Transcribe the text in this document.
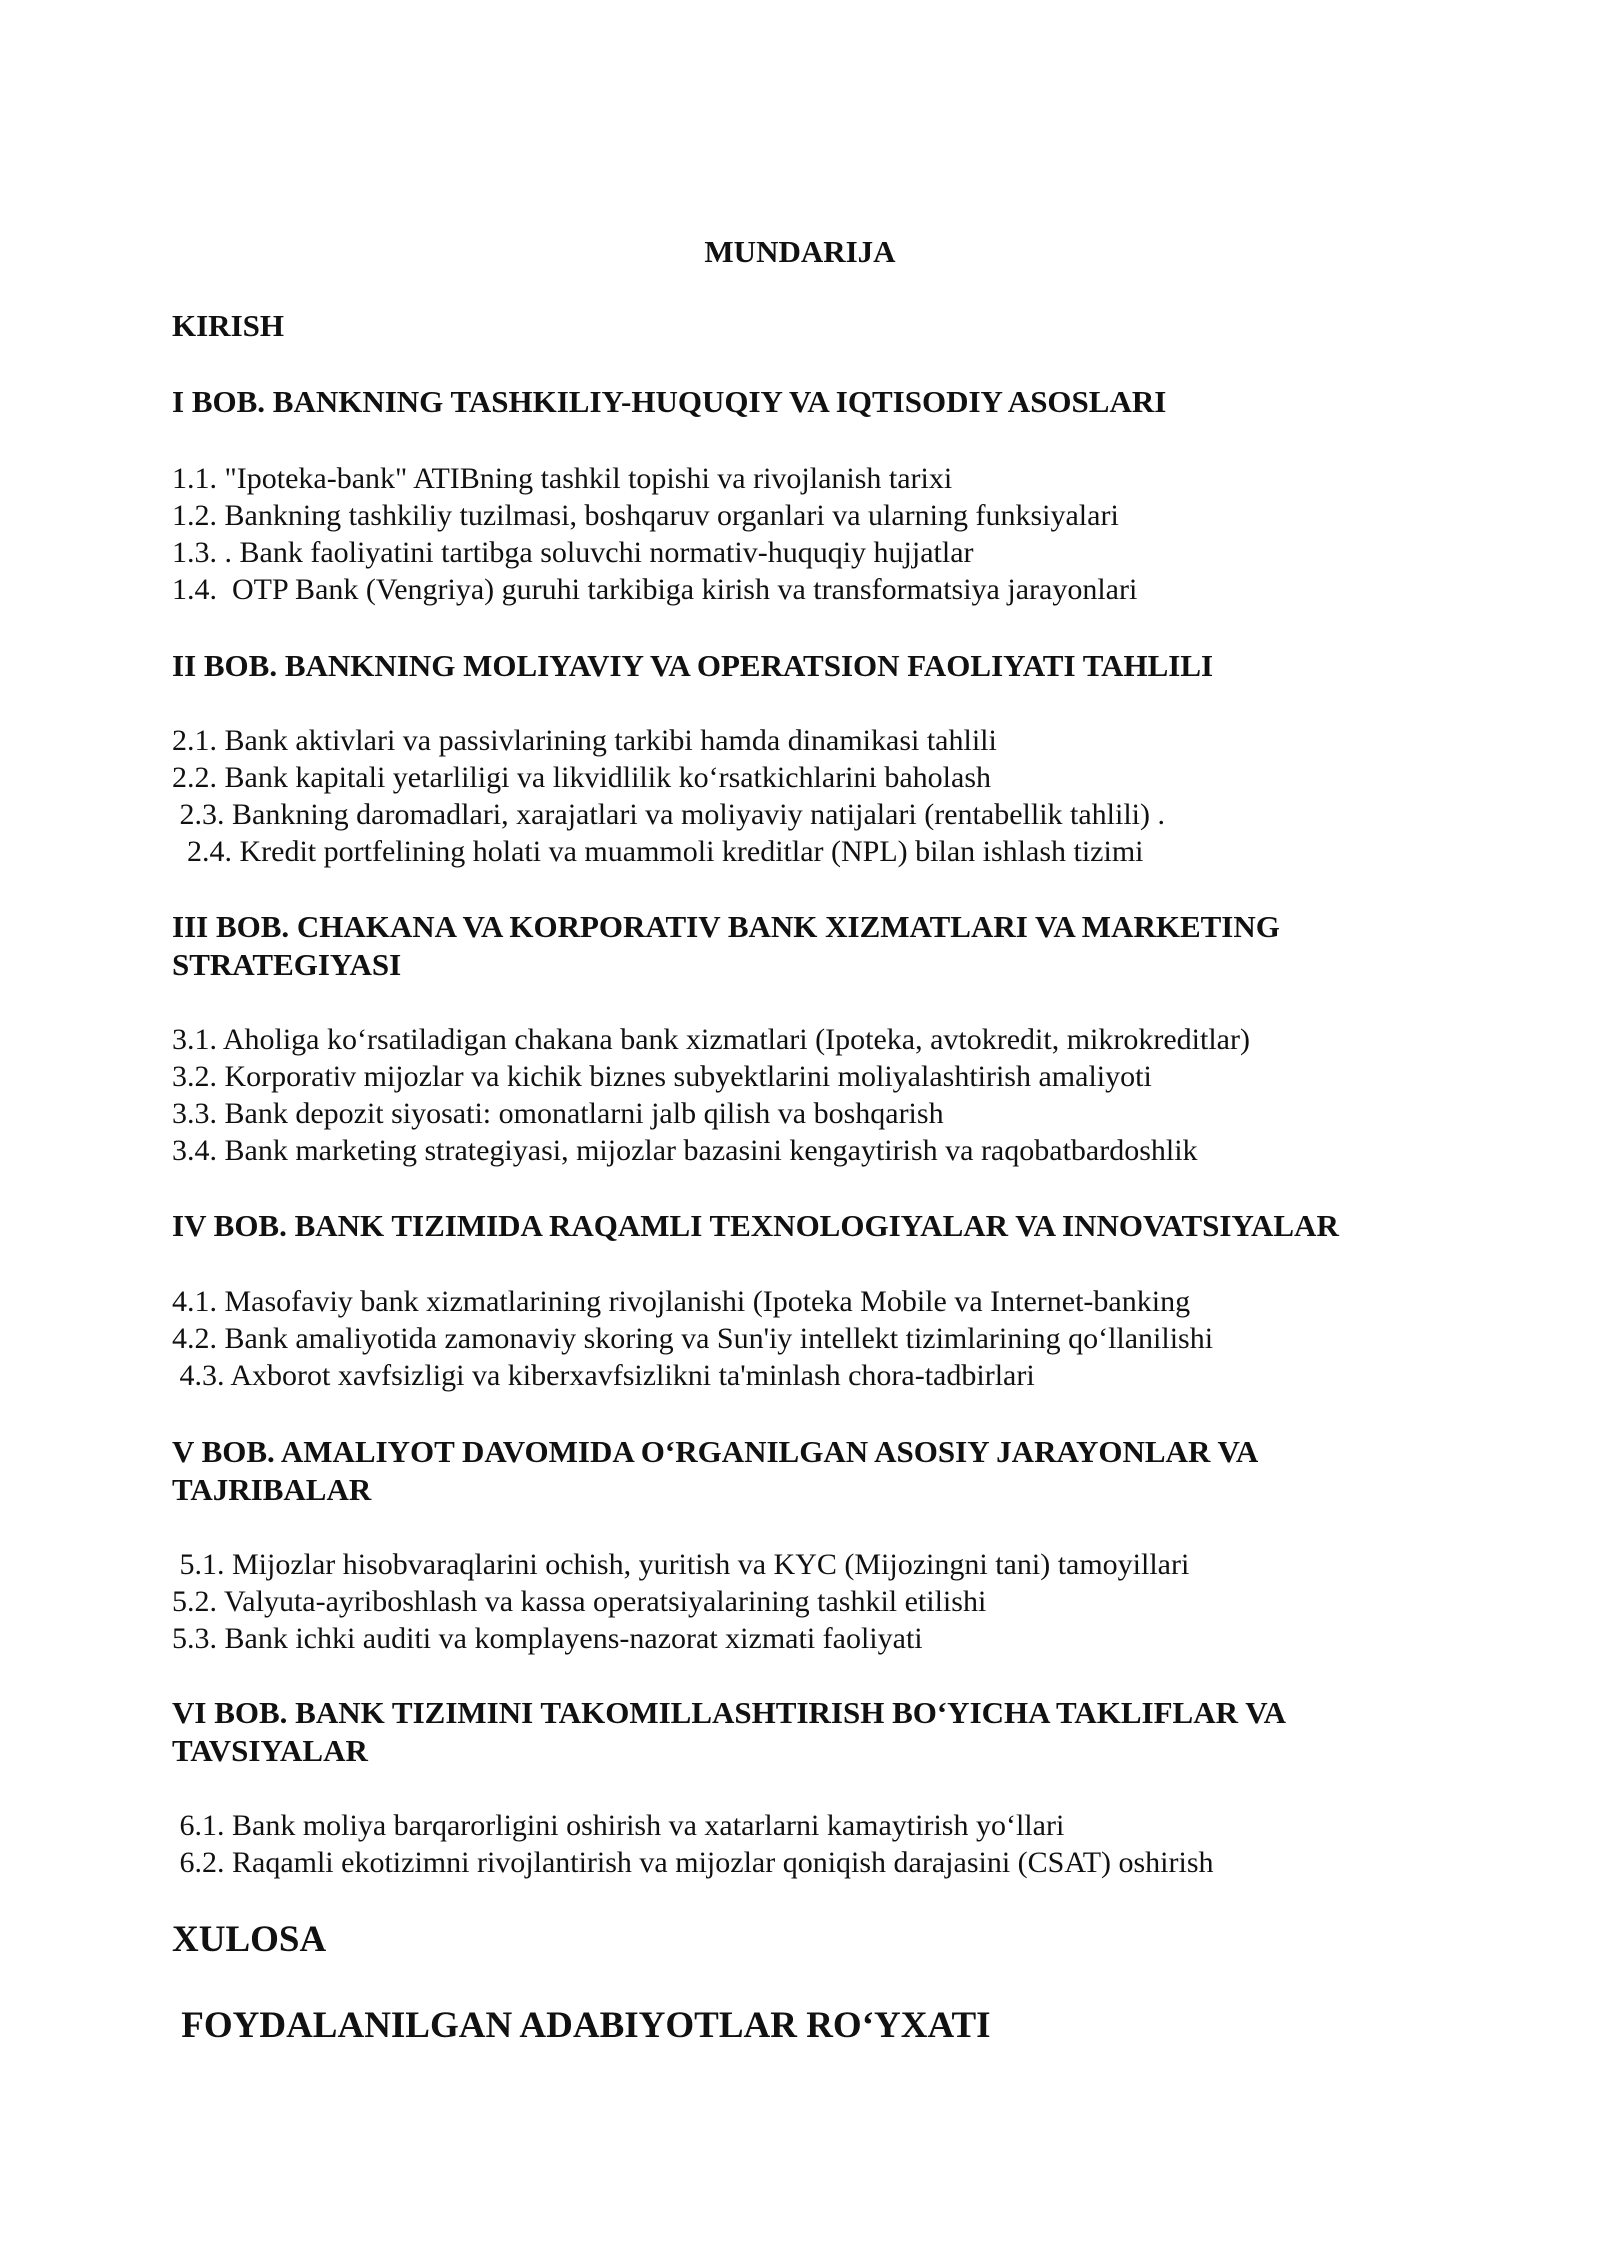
MUNDARIJA

KIRISH

I BOB. BANKNING TASHKILIY-HUQUQIY VA IQTISODIY ASOSLARI

1.1. "Ipoteka-bank" ATIBning tashkil topishi va rivojlanish tarixi

1.2. Bankning tashkiliy tuzilmasi, boshqaruv organlari va ularning funksiyalari

1.3. . Bank faoliyatini tartibga soluvchi normativ-huquqiy hujjatlar

1.4.  OTP Bank (Vengriya) guruhi tarkibiga kirish va transformatsiya jarayonlari

II BOB. BANKNING MOLIYAVIY VA OPERATSION FAOLIYATI TAHLILI

2.1. Bank aktivlari va passivlarining tarkibi hamda dinamikasi tahlili

2.2. Bank kapitali yetarliligi va likvidlilik ko‘rsatkichlarini baholash

2.3. Bankning daromadlari, xarajatlari va moliyaviy natijalari (rentabellik tahlili) .

2.4. Kredit portfelining holati va muammoli kreditlar (NPL) bilan ishlash tizimi

III BOB. CHAKANA VA KORPORATIV BANK XIZMATLARI VA MARKETING

STRATEGIYASI

3.1. Aholiga ko‘rsatiladigan chakana bank xizmatlari (Ipoteka, avtokredit, mikrokreditlar)

3.2. Korporativ mijozlar va kichik biznes subyektlarini moliyalashtirish amaliyoti

3.3. Bank depozit siyosati: omonatlarni jalb qilish va boshqarish

3.4. Bank marketing strategiyasi, mijozlar bazasini kengaytirish va raqobatbardoshlik

IV BOB. BANK TIZIMIDA RAQAMLI TEXNOLOGIYALAR VA INNOVATSIYALAR

4.1. Masofaviy bank xizmatlarining rivojlanishi (Ipoteka Mobile va Internet-banking

4.2. Bank amaliyotida zamonaviy skoring va Sun'iy intellekt tizimlarining qo‘llanilishi

4.3. Axborot xavfsizligi va kiberxavfsizlikni ta'minlash chora-tadbirlari

V BOB. AMALIYOT DAVOMIDA O‘RGANILGAN ASOSIY JARAYONLAR VA

TAJRIBALAR

5.1. Mijozlar hisobvaraqlarini ochish, yuritish va KYC (Mijozingni tani) tamoyillari

5.2. Valyuta-ayriboshlash va kassa operatsiyalarining tashkil etilishi

5.3. Bank ichki auditi va komplayens-nazorat xizmati faoliyati

VI BOB. BANK TIZIMINI TAKOMILLASHTIRISH BO‘YICHA TAKLIFLAR VA

TAVSIYALAR

6.1. Bank moliya barqarorligini oshirish va xatarlarni kamaytirish yo‘llari

6.2. Raqamli ekotizimni rivojlantirish va mijozlar qoniqish darajasini (CSAT) oshirish

XULOSA

FOYDALANILGAN ADABIYOTLAR RO‘YXATI
